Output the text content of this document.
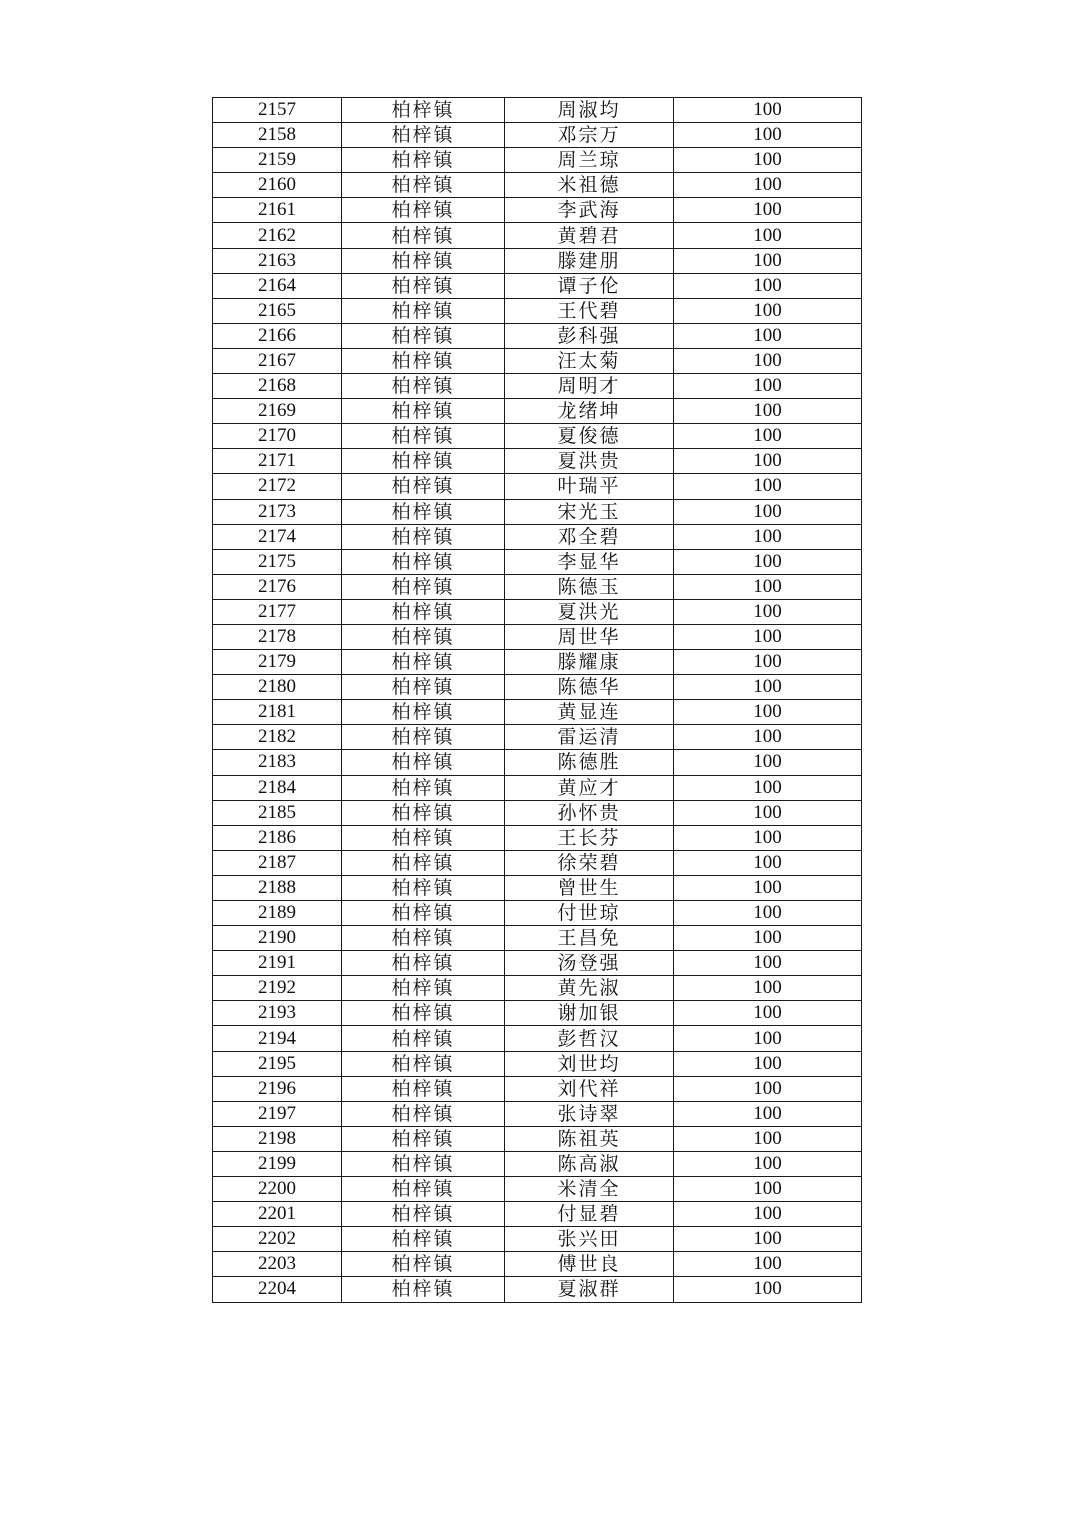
2157	柏梓镇	周淑均	100
2158	柏梓镇	邓宗万	100
2159	柏梓镇	周兰琼	100
2160	柏梓镇	米祖德	100
2161	柏梓镇	李武海	100
2162	柏梓镇	黄碧君	100
2163	柏梓镇	滕建朋	100
2164	柏梓镇	谭子伦	100
2165	柏梓镇	王代碧	100
2166	柏梓镇	彭科强	100
2167	柏梓镇	汪太菊	100
2168	柏梓镇	周明才	100
2169	柏梓镇	龙绪坤	100
2170	柏梓镇	夏俊德	100
2171	柏梓镇	夏洪贵	100
2172	柏梓镇	叶瑞平	100
2173	柏梓镇	宋光玉	100
2174	柏梓镇	邓全碧	100
2175	柏梓镇	李显华	100
2176	柏梓镇	陈德玉	100
2177	柏梓镇	夏洪光	100
2178	柏梓镇	周世华	100
2179	柏梓镇	滕耀康	100
2180	柏梓镇	陈德华	100
2181	柏梓镇	黄显连	100
2182	柏梓镇	雷运清	100
2183	柏梓镇	陈德胜	100
2184	柏梓镇	黄应才	100
2185	柏梓镇	孙怀贵	100
2186	柏梓镇	王长芬	100
2187	柏梓镇	徐荣碧	100
2188	柏梓镇	曾世生	100
2189	柏梓镇	付世琼	100
2190	柏梓镇	王昌免	100
2191	柏梓镇	汤登强	100
2192	柏梓镇	黄先淑	100
2193	柏梓镇	谢加银	100
2194	柏梓镇	彭哲汉	100
2195	柏梓镇	刘世均	100
2196	柏梓镇	刘代祥	100
2197	柏梓镇	张诗翠	100
2198	柏梓镇	陈祖英	100
2199	柏梓镇	陈高淑	100
2200	柏梓镇	米清全	100
2201	柏梓镇	付显碧	100
2202	柏梓镇	张兴田	100
2203	柏梓镇	傅世良	100
2204	柏梓镇	夏淑群	100
